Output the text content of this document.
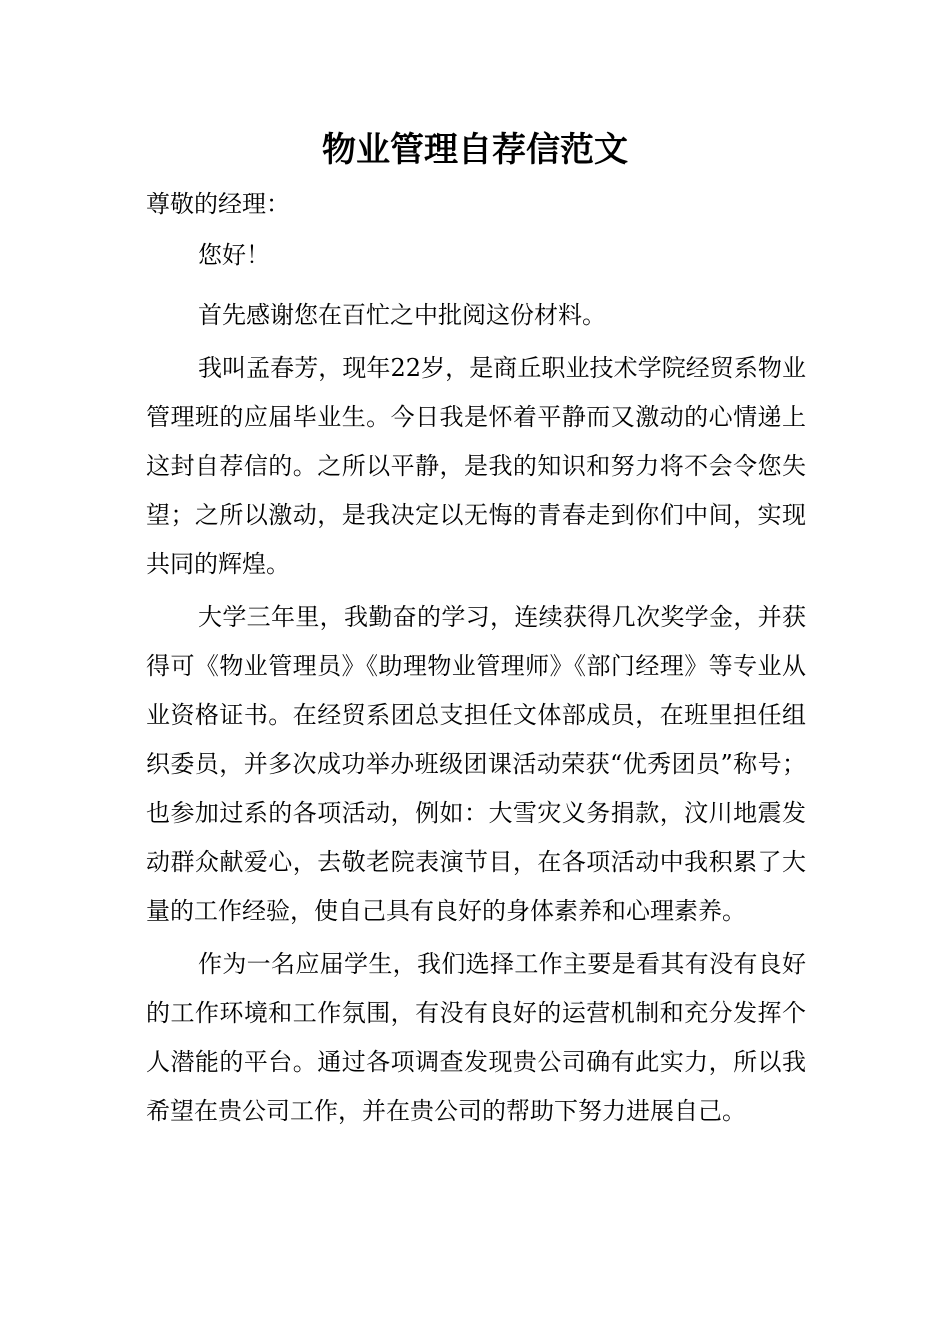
物业管理自荐信范文

尊敬的经理：

您好！

首先感谢您在百忙之中批阅这份材料。

我叫孟春芳，现年22岁，是商丘职业技术学院经贸系物业管理班的应届毕业生。今日我是怀着平静而又激动的心情递上这封自荐信的。之所以平静，是我的知识和努力将不会令您失望；之所以激动，是我决定以无悔的青春走到你们中间，实现共同的辉煌。

大学三年里，我勤奋的学习，连续获得几次奖学金，并获得可《物业管理员》《助理物业管理师》《部门经理》等专业从业资格证书。在经贸系团总支担任文体部成员，在班里担任组织委员，并多次成功举办班级团课活动荣获“优秀团员”称号；也参加过系的各项活动，例如：大雪灾义务捐款，汶川地震发动群众献爱心，去敬老院表演节目，在各项活动中我积累了大量的工作经验，使自己具有良好的身体素养和心理素养。

作为一名应届学生，我们选择工作主要是看其有没有良好的工作环境和工作氛围，有没有良好的运营机制和充分发挥个人潜能的平台。通过各项调查发现贵公司确有此实力，所以我希望在贵公司工作，并在贵公司的帮助下努力进展自己。
